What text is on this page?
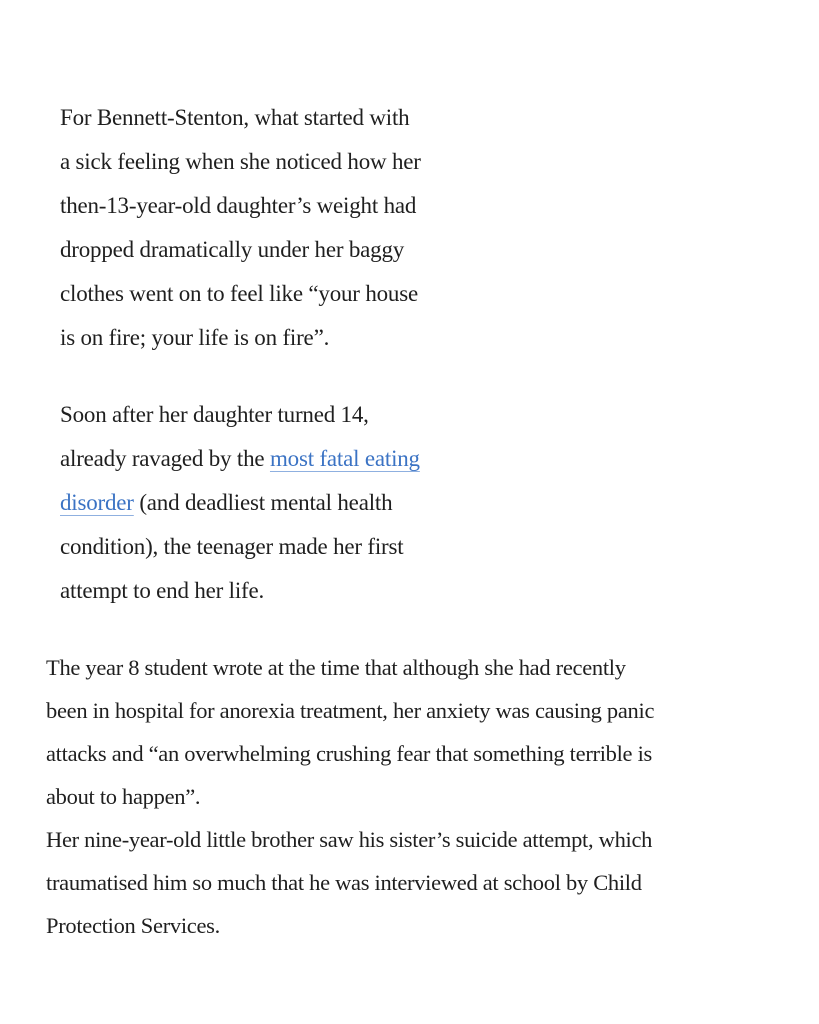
For Bennett-Stenton, what started with
a sick feeling when she noticed how her
then-13-year-old daughter’s weight had
dropped dramatically under her baggy
clothes went on to feel like “your house
is on fire; your life is on fire”.

Soon after her daughter turned 14,
already ravaged by the most fatal eating
disorder (and deadliest mental health
condition), the teenager made her first
attempt to end her life.

The year 8 student wrote at the time that although she had recently
been in hospital for anorexia treatment, her anxiety was causing panic
attacks and “an overwhelming crushing fear that something terrible is
about to happen”.

Her nine-year-old little brother saw his sister’s suicide attempt, which
traumatised him so much that he was interviewed at school by Child
Protection Services.
